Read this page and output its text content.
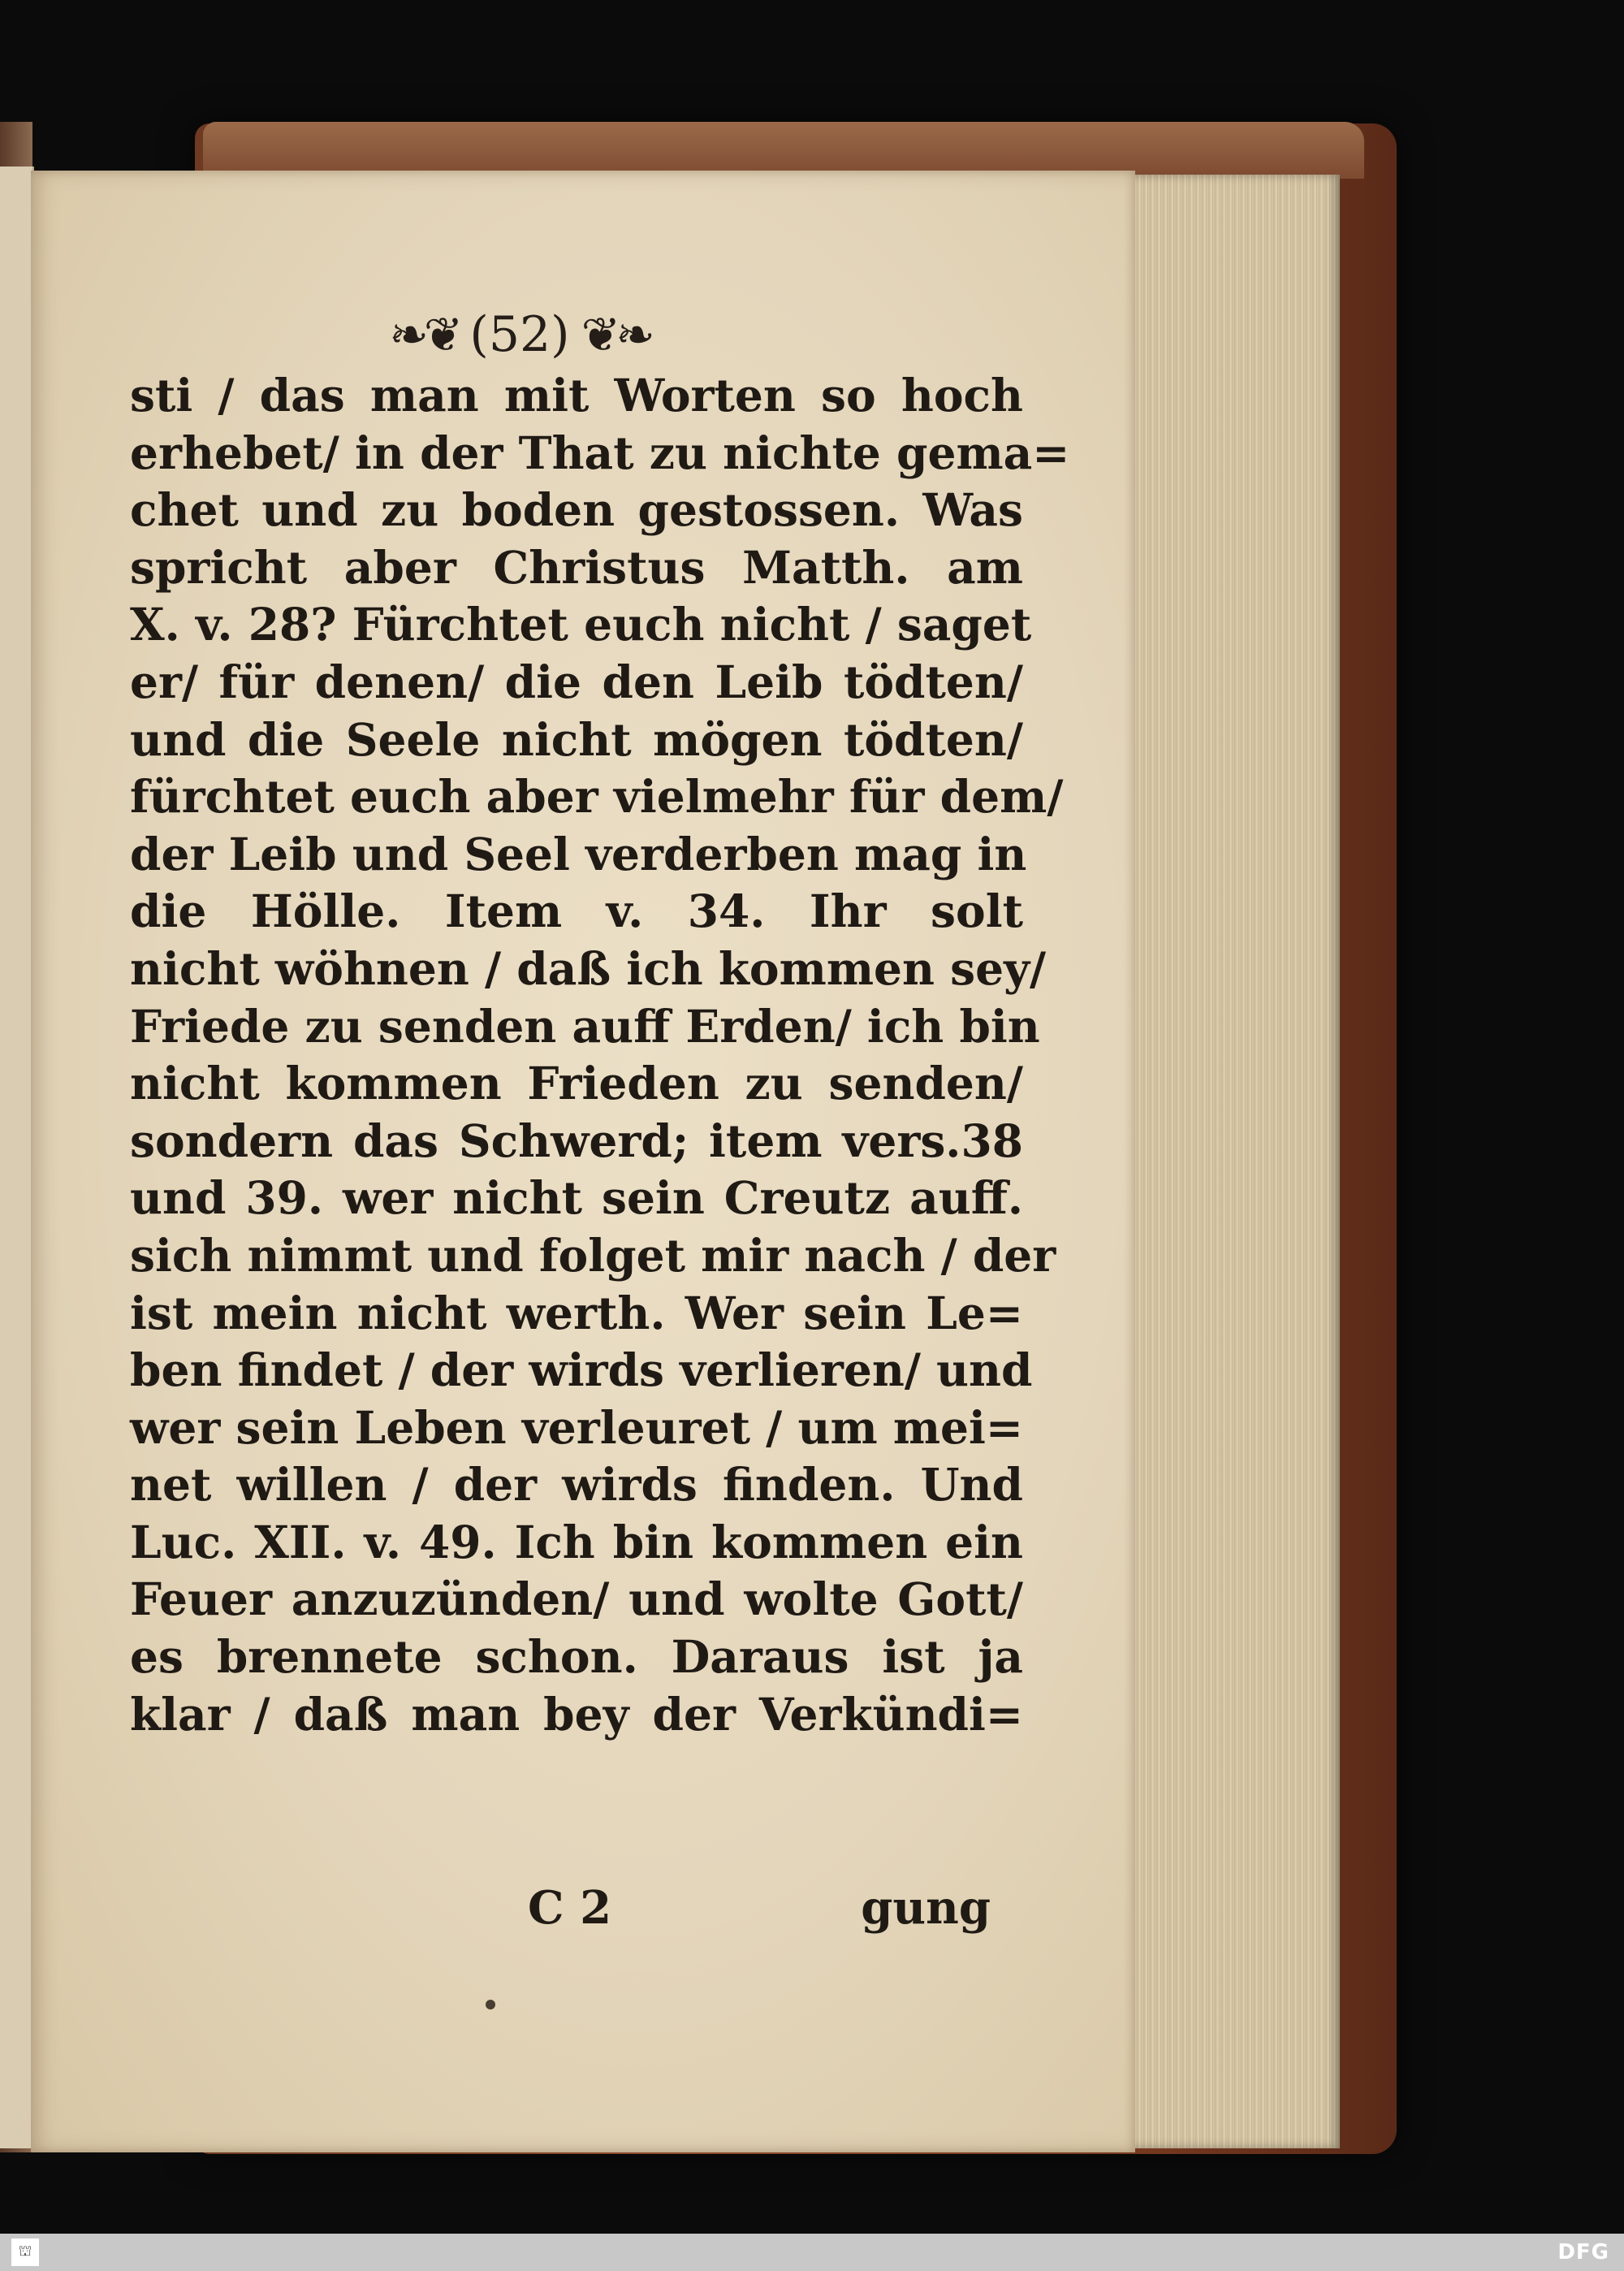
❧❦ (52) ❦❧
sti / das man mit Worten so hoch
erhebet/ in der That zu nichte gema=
chet und zu boden gestossen. Was
spricht aber Christus Matth. am
X. v. 28? Fürchtet euch nicht / saget
er/ für denen/ die den Leib tödten/
und die Seele nicht mögen tödten/
fürchtet euch aber vielmehr für dem/
der Leib und Seel verderben mag in
die Hölle. Item v. 34. Ihr solt
nicht wöhnen / daß ich kommen sey/
Friede zu senden auff Erden/ ich bin
nicht kommen Frieden zu senden/
sondern das Schwerd; item vers.38
und 39. wer nicht sein Creutz auff.
sich nimmt und folget mir nach / der
ist mein nicht werth. Wer sein Le=
ben findet / der wirds verlieren/ und
wer sein Leben verleuret / um mei=
net willen / der wirds finden. Und
Luc. XII. v. 49. Ich bin kommen ein
Feuer anzuzünden/ und wolte Gott/
es brennete schon. Daraus ist ja
klar / daß man bey der Verkündi=
C 2	gung
⛫	DFG
